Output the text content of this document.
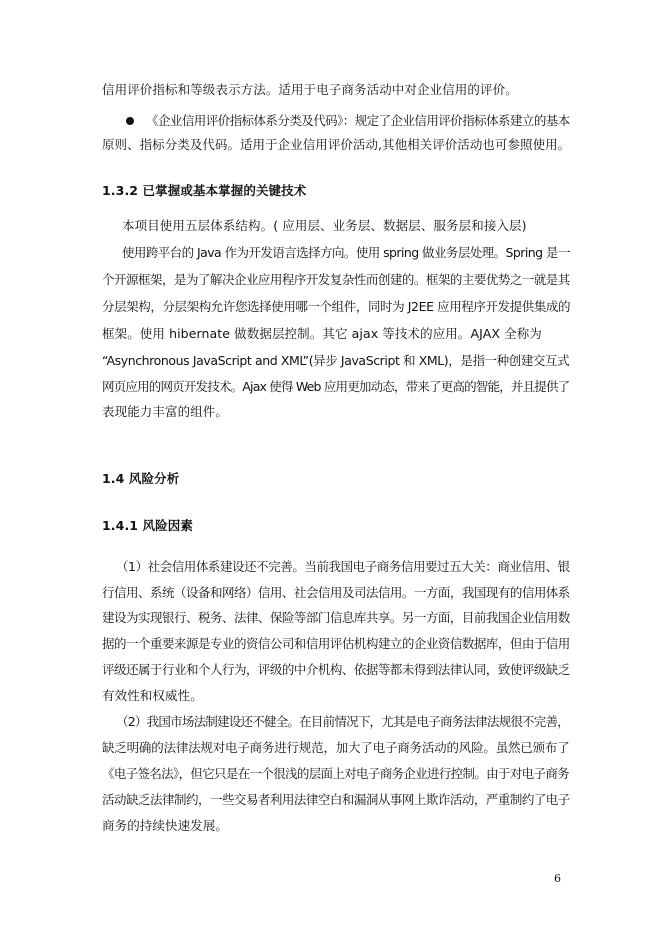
信用评价指标和等级表示方法。适用于电子商务活动中对企业信用的评价。
《企业信用评价指标体系分类及代码》：规定了企业信用评价指标体系建立的基本
原则、指标分类及代码。适用于企业信用评价活动,其他相关评价活动也可参照使用。
1.3.2 已掌握或基本掌握的关键技术
本项目使用五层体系结构。( 应用层、业务层、数据层、服务层和接入层)
使用跨平台的 Java 作为开发语言选择方向。使用 spring 做业务层处理。Spring 是一
个开源框架，是为了解决企业应用程序开发复杂性而创建的。框架的主要优势之一就是其
分层架构，分层架构允许您选择使用哪一个组件，同时为 J2EE 应用程序开发提供集成的
框架。使用 hibernate 做数据层控制。其它 ajax 等技术的应用。AJAX 全称为
“Asynchronous JavaScript and XML”(异步 JavaScript 和 XML)，是指一种创建交互式
网页应用的网页开发技术。Ajax 使得 Web 应用更加动态，带来了更高的智能，并且提供了
表现能力丰富的组件。
1.4 风险分析
1.4.1 风险因素
（1）社会信用体系建设还不完善。当前我国电子商务信用要过五大关：商业信用、银
行信用、系统（设备和网络）信用、社会信用及司法信用。一方面，我国现有的信用体系
建设为实现银行、税务、法律、保险等部门信息库共享。另一方面，目前我国企业信用数
据的一个重要来源是专业的资信公司和信用评估机构建立的企业资信数据库，但由于信用
评级还属于行业和个人行为，评级的中介机构、依据等都未得到法律认同，致使评级缺乏
有效性和权威性。
（2）我国市场法制建设还不健全。在目前情况下，尤其是电子商务法律法规很不完善，
缺乏明确的法律法规对电子商务进行规范，加大了电子商务活动的风险。虽然已颁布了
《电子签名法》，但它只是在一个很浅的层面上对电子商务企业进行控制。由于对电子商务
活动缺乏法律制约，一些交易者利用法律空白和漏洞从事网上欺诈活动，严重制约了电子
商务的持续快速发展。
6
